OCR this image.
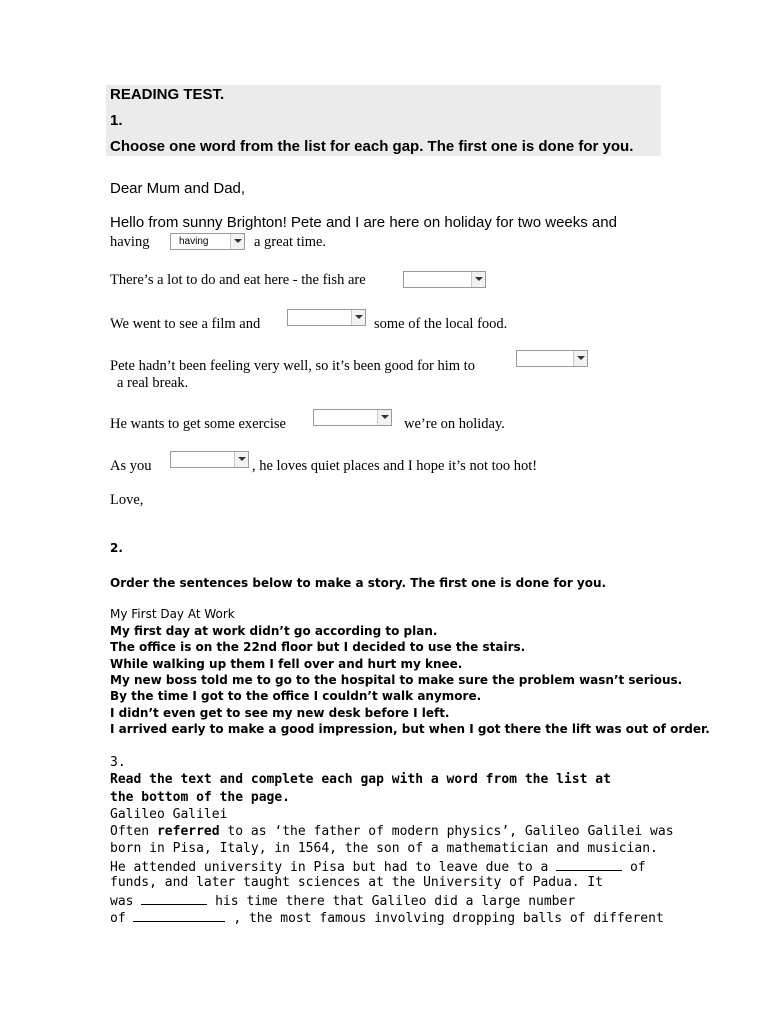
READING TEST.
1.
Choose one word from the list for each gap. The first one is done for you.
Dear Mum and Dad,
Hello from sunny Brighton! Pete and I are here on holiday for two weeks and
having	having	a great time.
There’s a lot to do and eat here - the fish are
We went to see a film and	some of the local food.
Pete hadn’t been feeling very well, so it’s been good for him to
a real break.
He wants to get some exercise	we’re on holiday.
As you	, he loves quiet places and I hope it’s not too hot!
Love,
2.
Order the sentences below to make a story. The first one is done for you.
My First Day At Work
My first day at work didn’t go according to plan.
The office is on the 22nd floor but I decided to use the stairs.
While walking up them I fell over and hurt my knee.
My new boss told me to go to the hospital to make sure the problem wasn’t serious.
By the time I got to the office I couldn’t walk anymore.
I didn’t even get to see my new desk before I left.
I arrived early to make a good impression, but when I got there the lift was out of order.
3.
Read the text and complete each gap with a word from the list at
the bottom of the page.
Galileo Galilei
Often referred to as ‘the father of modern physics’, Galileo Galilei was
born in Pisa, Italy, in 1564, the son of a mathematician and musician.
He attended university in Pisa but had to leave due to a	of
funds, and later taught sciences at the University of Padua. It
was	his time there that Galileo did a large number
of	, the most famous involving dropping balls of different
